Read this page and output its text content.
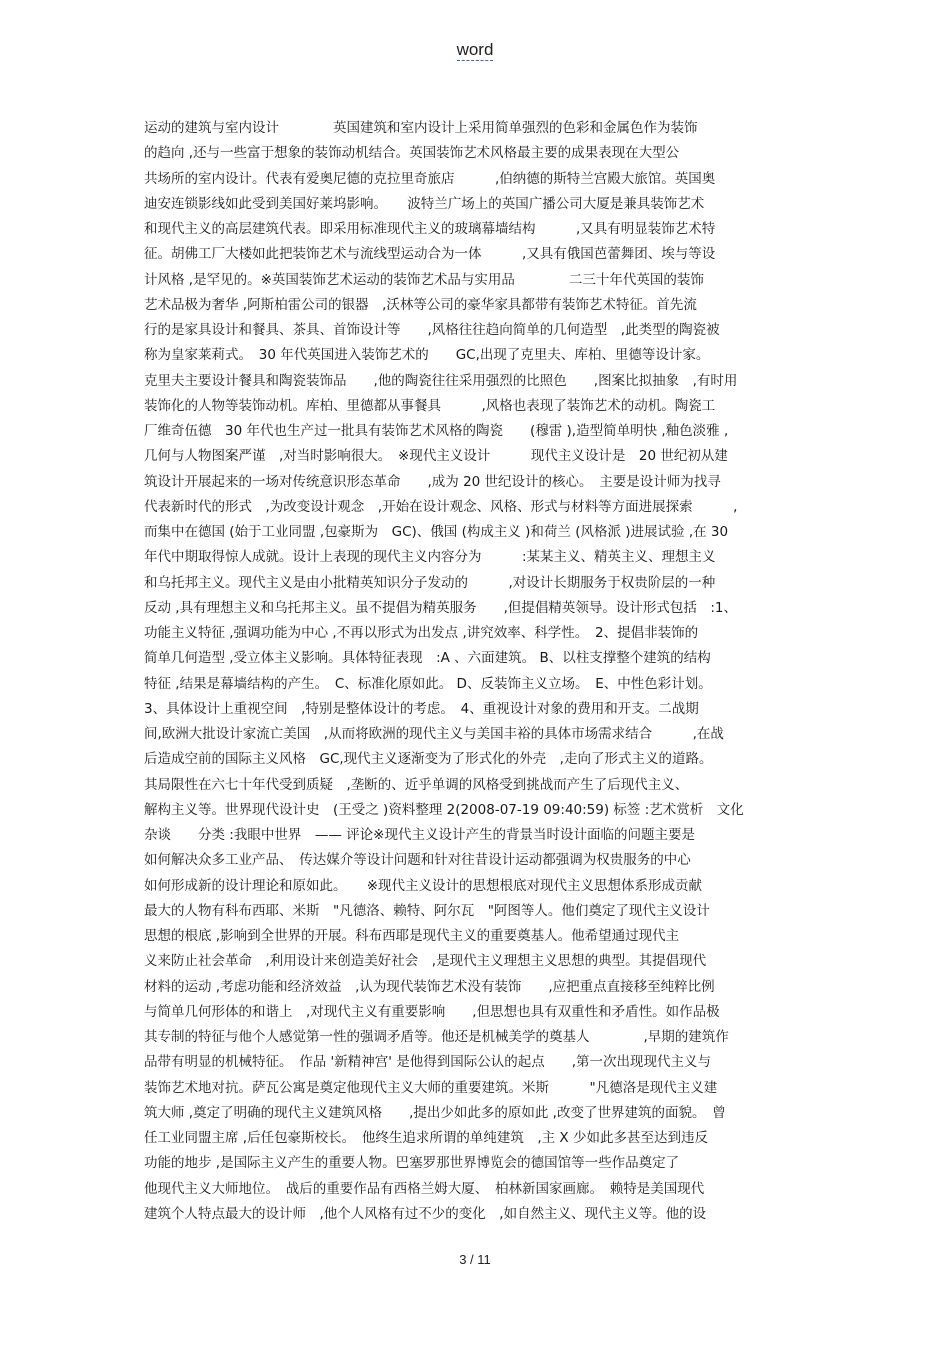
word
运动的建筑与室内设计　　　　英国建筑和室内设计上采用简单强烈的色彩和金属色作为装饰
的趋向 ,还与一些富于想象的装饰动机结合。英国装饰艺术风格最主要的成果表现在大型公
共场所的室内设计。代表有爱奥尼德的克拉里奇旅店　　　,伯纳德的斯特兰宫殿大旅馆。英国奥
迪安连锁影线如此受到美国好莱坞影响。　　波特兰广场上的英国广播公司大厦是兼具装饰艺术
和现代主义的高层建筑代表。即采用标准现代主义的玻璃幕墙结构　　　,又具有明显装饰艺术特
征。胡佛工厂大楼如此把装饰艺术与流线型运动合为一体　　　,又具有俄国芭蕾舞团、埃与等设
计风格 ,是罕见的。※英国装饰艺术运动的装饰艺术品与实用品　　　　二三十年代英国的装饰
艺术品极为奢华 ,阿斯柏雷公司的银器　,沃林等公司的豪华家具都带有装饰艺术特征。首先流
行的是家具设计和餐具、茶具、首饰设计等　　,风格往往趋向简单的几何造型　,此类型的陶瓷被
称为皇家莱莉式。　30 年代英国进入装饰艺术的　　GC,出现了克里夫、库柏、里德等设计家。
克里夫主要设计餐具和陶瓷装饰品　　,他的陶瓷往往采用强烈的比照色　　,图案比拟抽象　,有时用
装饰化的人物等装饰动机。库柏、里德都从事餐具　　　,风格也表现了装饰艺术的动机。陶瓷工
厂维奇伍德　30 年代也生产过一批具有装饰艺术风格的陶瓷　　(穆雷 ),造型简单明快 ,釉色淡雅 ,
几何与人物图案严谨　,对当时影响很大。　※现代主义设计　　　现代主义设计是　20 世纪初从建
筑设计开展起来的一场对传统意识形态革命　　,成为 20 世纪设计的核心。　主要是设计师为找寻
代表新时代的形式　,为改变设计观念　,开始在设计观念、风格、形式与材料等方面进展探索　　　,
而集中在德国 (始于工业同盟 ,包豪斯为　GC)、俄国 (构成主义 )和荷兰 (风格派 )进展试验 ,在 30
年代中期取得惊人成就。设计上表现的现代主义内容分为　　　:某某主义、精英主义、理想主义
和乌托邦主义。现代主义是由小批精英知识分子发动的　　　,对设计长期服务于权贵阶层的一种
反动 ,具有理想主义和乌托邦主义。虽不提倡为精英服务　　,但提倡精英领导。设计形式包括　:1、
功能主义特征 ,强调功能为中心 ,不再以形式为出发点 ,讲究效率、科学性。　2、提倡非装饰的
简单几何造型 ,受立体主义影响。具体特征表现　:A 、六面建筑。 B、以柱支撑整个建筑的结构
特征 ,结果是幕墙结构的产生。　C、标准化原如此。 D、反装饰主义立场。　E、中性色彩计划。
3、具体设计上重视空间　,特别是整体设计的考虑。　4、重视设计对象的费用和开支。二战期
间,欧洲大批设计家流亡美国　,从而将欧洲的现代主义与美国丰裕的具体市场需求结合　　　,在战
后造成空前的国际主义风格　GC,现代主义逐渐变为了形式化的外壳　,走向了形式主义的道路。
其局限性在六七十年代受到质疑　,垄断的、近乎单调的风格受到挑战而产生了后现代主义、
解构主义等。世界现代设计史　(王受之 )资料整理 2(2008-07-19 09:40:59) 标签 :艺术赏析　文化
杂谈　　分类 :我眼中世界　—— 评论※现代主义设计产生的背景当时设计面临的问题主要是
如何解决众多工业产品、　传达媒介等设计问题和针对往昔设计运动都强调为权贵服务的中心
如何形成新的设计理论和原如此。　　※现代主义设计的思想根底对现代主义思想体系形成贡献
最大的人物有科布西耶、米斯　"凡德洛、赖特、阿尔瓦　"阿图等人。他们奠定了现代主义设计
思想的根底 ,影响到全世界的开展。科布西耶是现代主义的重要奠基人。他希望通过现代主
义来防止社会革命　,利用设计来创造美好社会　,是现代主义理想主义思想的典型。其提倡现代
材料的运动 ,考虑功能和经济效益　,认为现代装饰艺术没有装饰　　,应把重点直接移至纯粹比例
与简单几何形体的和谐上　,对现代主义有重要影响　　,但思想也具有双重性和矛盾性。如作品极
其专制的特征与他个人感觉第一性的强调矛盾等。他还是机械美学的奠基人　　　　,早期的建筑作
品带有明显的机械特征。　作品 '新精神宫' 是他得到国际公认的起点　　,第一次出现现代主义与
装饰艺术地对抗。萨瓦公寓是奠定他现代主义大师的重要建筑。米斯　　　"凡德洛是现代主义建
筑大师 ,奠定了明确的现代主义建筑风格　　,提出少如此多的原如此 ,改变了世界建筑的面貌。　曾
任工业同盟主席 ,后任包豪斯校长。　他终生追求所谓的单纯建筑　,主 X 少如此多甚至达到违反
功能的地步 ,是国际主义产生的重要人物。巴塞罗那世界博览会的德国馆等一些作品奠定了
他现代主义大师地位。　战后的重要作品有西格兰姆大厦、　柏林新国家画廊。　赖特是美国现代
建筑个人特点最大的设计师　,他个人风格有过不少的变化　,如自然主义、现代主义等。他的设
3 / 11
